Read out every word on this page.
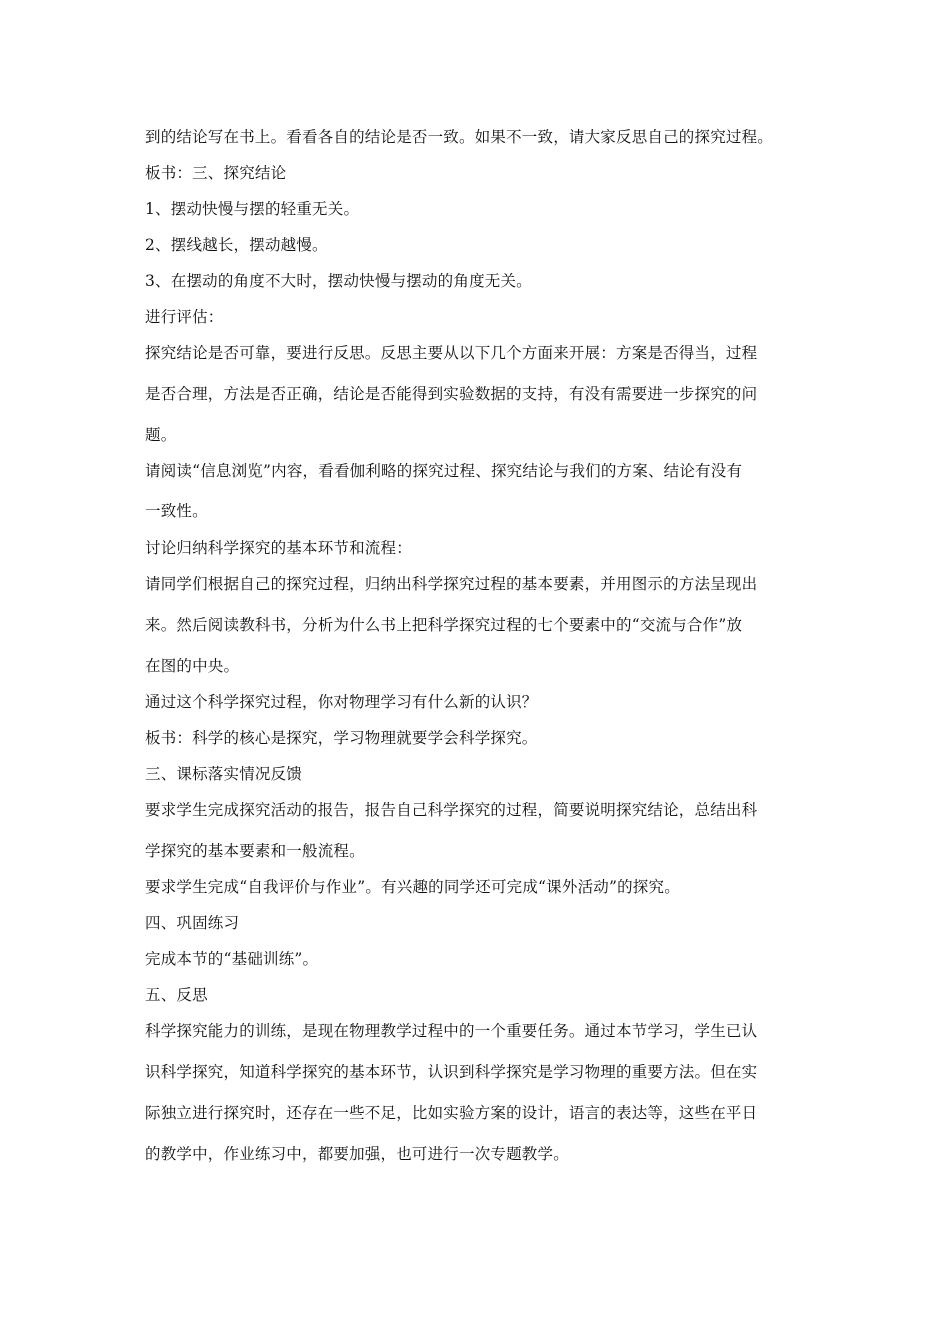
到的结论写在书上。看看各自的结论是否一致。如果不一致，请大家反思自己的探究过程。
板书：三、探究结论
1、摆动快慢与摆的轻重无关。
2、摆线越长，摆动越慢。
3、在摆动的角度不大时，摆动快慢与摆动的角度无关。
进行评估：
探究结论是否可靠，要进行反思。反思主要从以下几个方面来开展：方案是否得当，过程
是否合理，方法是否正确，结论是否能得到实验数据的支持，有没有需要进一步探究的问
题。
请阅读“信息浏览”内容，看看伽利略的探究过程、探究结论与我们的方案、结论有没有
一致性。
讨论归纳科学探究的基本环节和流程：
请同学们根据自己的探究过程，归纳出科学探究过程的基本要素，并用图示的方法呈现出
来。然后阅读教科书，分析为什么书上把科学探究过程的七个要素中的“交流与合作”放
在图的中央。
通过这个科学探究过程，你对物理学习有什么新的认识？
板书：科学的核心是探究，学习物理就要学会科学探究。
三、课标落实情况反馈
要求学生完成探究活动的报告，报告自己科学探究的过程，简要说明探究结论，总结出科
学探究的基本要素和一般流程。
要求学生完成“自我评价与作业”。有兴趣的同学还可完成“课外活动”的探究。
四、巩固练习
完成本节的“基础训练”。
五、反思
科学探究能力的训练，是现在物理教学过程中的一个重要任务。通过本节学习，学生已认
识科学探究，知道科学探究的基本环节，认识到科学探究是学习物理的重要方法。但在实
际独立进行探究时，还存在一些不足，比如实验方案的设计，语言的表达等，这些在平日
的教学中，作业练习中，都要加强，也可进行一次专题教学。
